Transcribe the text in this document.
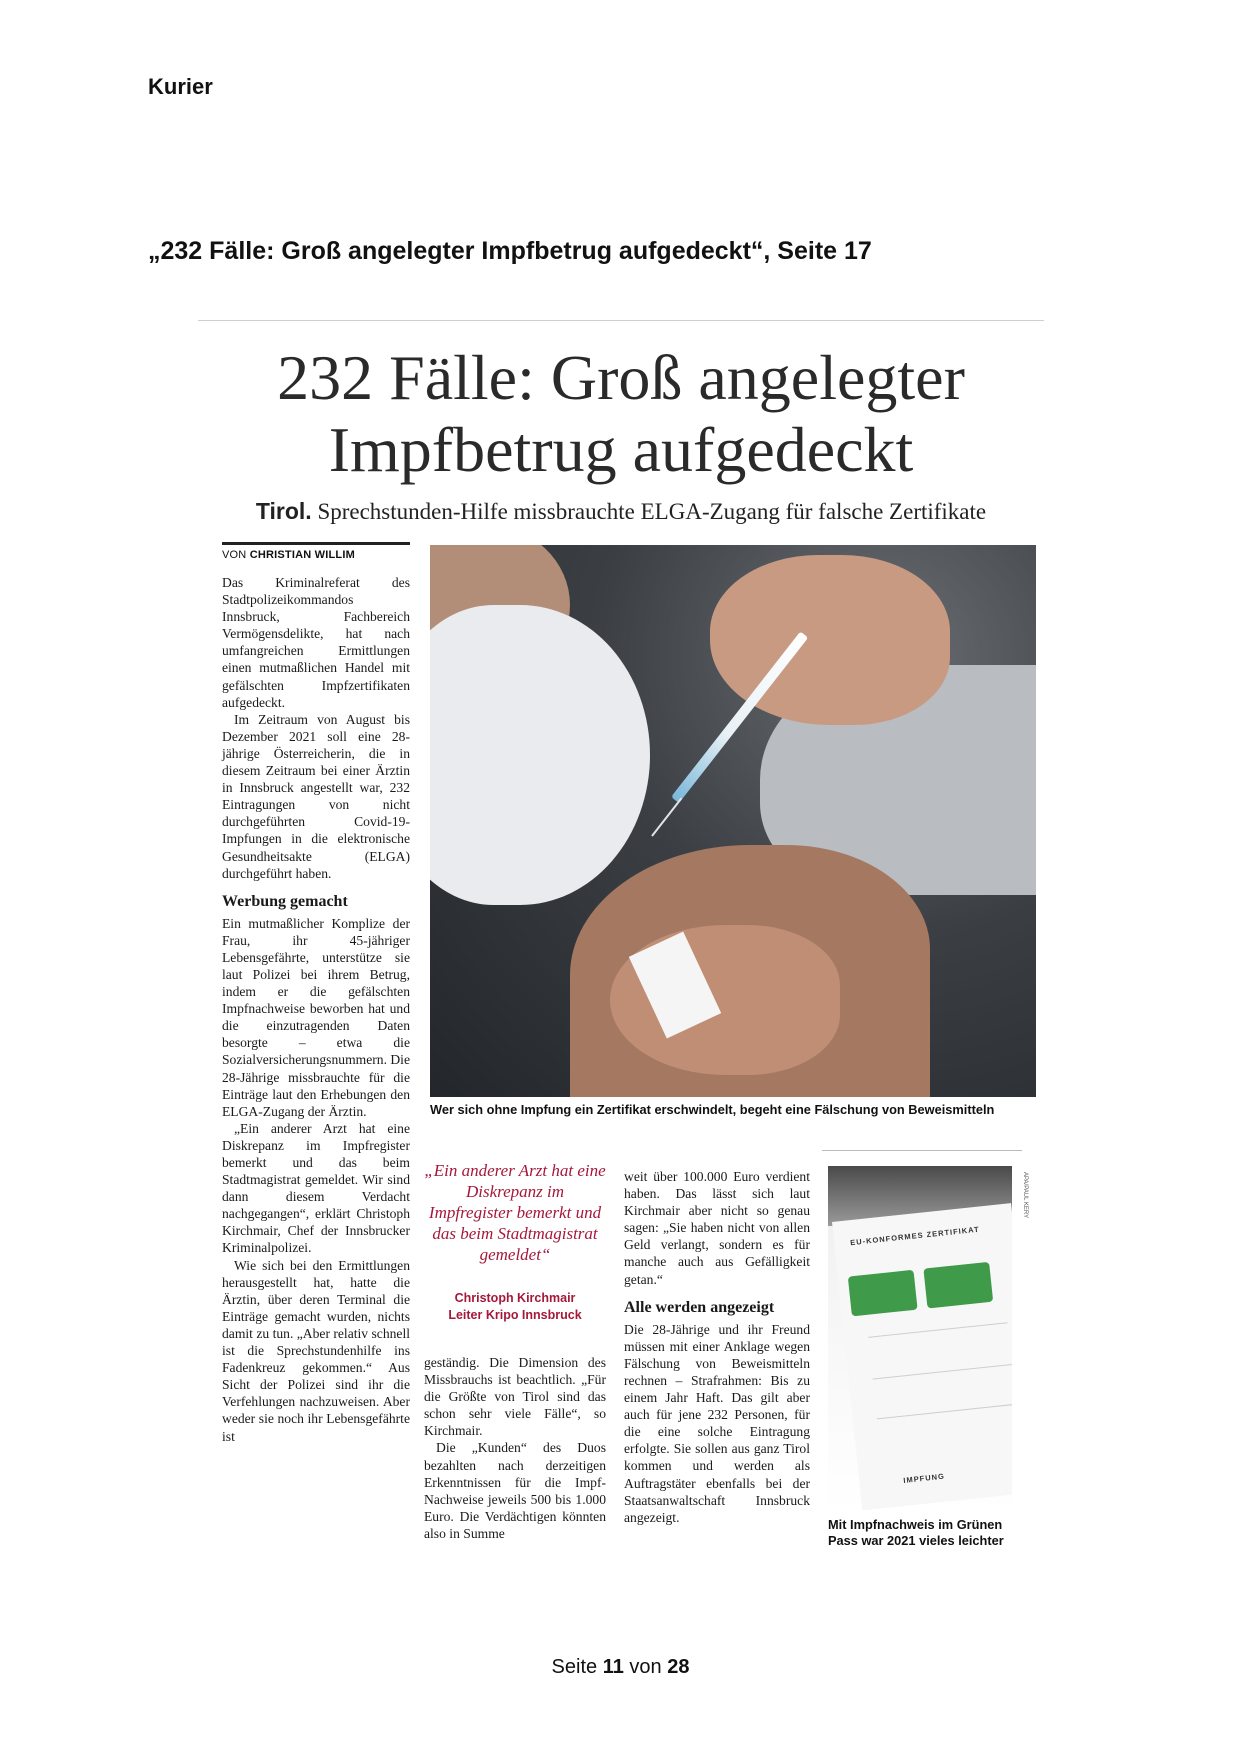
Kurier
„232 Fälle: Groß angelegter Impfbetrug aufgedeckt“, Seite 17
232 Fälle: Groß angelegter
Impfbetrug aufgedeckt
Tirol. Sprechstunden-Hilfe missbrauchte ELGA-Zugang für falsche Zertifikate
VON CHRISTIAN WILLIM

Das Kriminalreferat des Stadtpolizeikommandos Innsbruck, Fachbereich Vermögensdelikte, hat nach umfangreichen Ermittlungen einen mutmaßlichen Handel mit gefälschten Impfzertifikaten aufgedeckt.

Im Zeitraum von August bis Dezember 2021 soll eine 28-jährige Österreicherin, die in diesem Zeitraum bei einer Ärztin in Innsbruck angestellt war, 232 Eintragungen von nicht durchgeführten Covid-19-Impfungen in die elektronische Gesundheitsakte (ELGA) durchgeführt haben.

Werbung gemacht

Ein mutmaßlicher Komplize der Frau, ihr 45-jähriger Lebensgefährte, unterstütze sie laut Polizei bei ihrem Betrug, indem er die gefälschten Impfnachweise beworben hat und die einzutragenden Daten besorgte – etwa die Sozialversicherungsnummern. Die 28-Jährige missbrauchte für die Einträge laut den Erhebungen den ELGA-Zugang der Ärztin.

„Ein anderer Arzt hat eine Diskrepanz im Impfregister bemerkt und das beim Stadtmagistrat gemeldet. Wir sind dann diesem Verdacht nachgegangen“, erklärt Christoph Kirchmair, Chef der Innsbrucker Kriminalpolizei.

Wie sich bei den Ermittlungen herausgestellt hat, hatte die Ärztin, über deren Terminal die Einträge gemacht wurden, nichts damit zu tun. „Aber relativ schnell ist die Sprechstundenhilfe ins Fadenkreuz gekommen.“ Aus Sicht der Polizei sind ihr die Verfehlungen nachzuweisen. Aber weder sie noch ihr Lebensgefährte ist

Wer sich ohne Impfung ein Zertifikat erschwindelt, begeht eine Fälschung von Beweismitteln
„Ein anderer Arzt hat eine Diskrepanz im Impfregister bemerkt und das beim Stadtmagistrat gemeldet“
Christoph Kirchmair
Leiter Kripo Innsbruck

geständig. Die Dimension des Missbrauchs ist beachtlich. „Für die Größte von Tirol sind das schon sehr viele Fälle“, so Kirchmair.

Die „Kunden“ des Duos bezahlten nach derzeitigen Erkenntnissen für die Impf-Nachweise jeweils 500 bis 1.000 Euro. Die Verdächtigen könnten also in Summe

weit über 100.000 Euro verdient haben. Das lässt sich laut Kirchmair aber nicht so genau sagen: „Sie haben nicht von allen Geld verlangt, sondern es für manche auch aus Gefälligkeit getan.“

Alle werden angezeigt

Die 28-Jährige und ihr Freund müssen mit einer Anklage wegen Fälschung von Beweismitteln rechnen – Strafrahmen: Bis zu einem Jahr Haft. Das gilt aber auch für jene 232 Personen, für die eine solche Eintragung erfolgte. Sie sollen aus ganz Tirol kommen und werden als Auftragstäter ebenfalls bei der Staatsanwaltschaft Innsbruck angezeigt.

EU-KONFORMES ZERTIFIKAT
IMPFUNG
APA/PAUL KERY
Mit Impfnachweis im Grünen Pass war 2021 vieles leichter
Seite 11 von 28
